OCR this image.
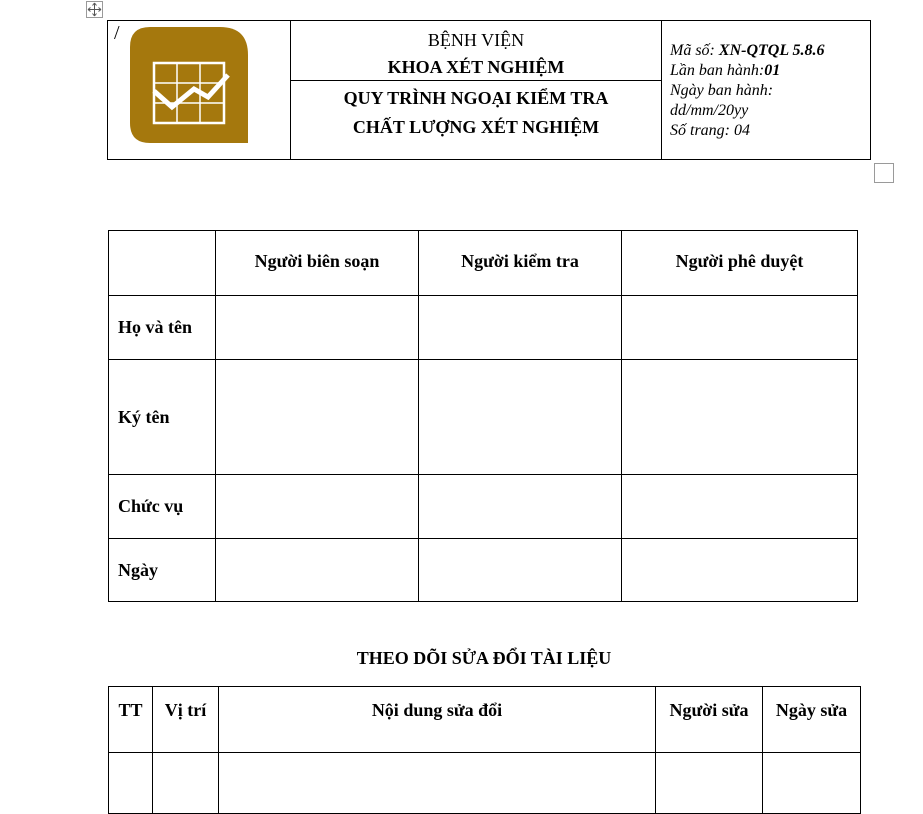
/	BỆNH VIỆN
KHOA XÉT NGHIỆM
QUY TRÌNH NGOẠI KIỂM TRA
CHẤT LƯỢNG XÉT NGHIỆM

Mã số: XN-QTQL 5.8.6
Lần ban hành:01
Ngày ban hành:
dd/mm/20yy
Số trang: 04
	Người biên soạn	Người kiểm tra	Người phê duyệt
Họ và tên			
Ký tên			
Chức vụ			
Ngày			
THEO DÕI SỬA ĐỔI TÀI LIỆU
TT	Vị trí	Nội dung sửa đổi	Người sửa	Ngày sửa
